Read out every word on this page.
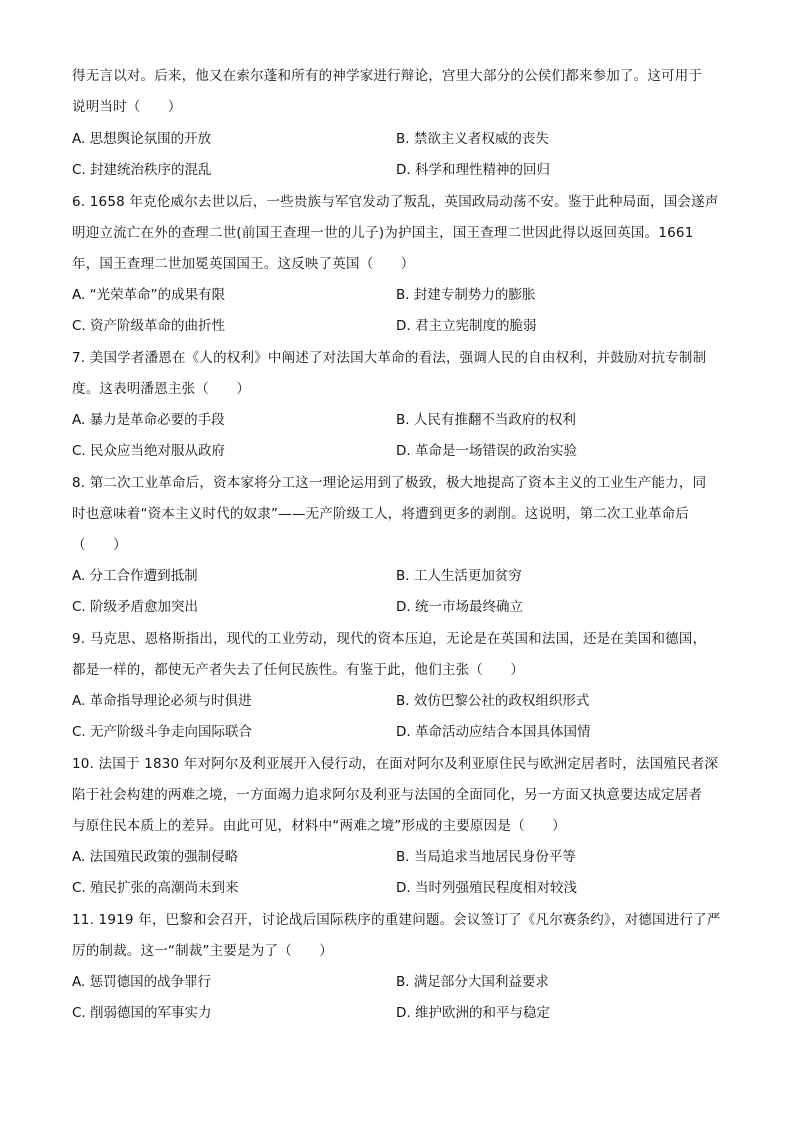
得无言以对。后来，他又在索尔蓬和所有的神学家进行辩论，宫里大部分的公侯们都来参加了。这可用于
说明当时（　　）
A. 思想舆论氛围的开放	B. 禁欲主义者权威的丧失
C. 封建统治秩序的混乱	D. 科学和理性精神的回归
6. 1658 年克伦威尔去世以后，一些贵族与军官发动了叛乱，英国政局动荡不安。鉴于此种局面，国会遂声
明迎立流亡在外的查理二世(前国王查理一世的儿子)为护国主，国王查理二世因此得以返回英国。1661
年，国王查理二世加冕英国国王。这反映了英国（　　）
A. “光荣革命”的成果有限	B. 封建专制势力的膨胀
C. 资产阶级革命的曲折性	D. 君主立宪制度的脆弱
7. 美国学者潘恩在《人的权利》中阐述了对法国大革命的看法，强调人民的自由权利，并鼓励对抗专制制
度。这表明潘恩主张（　　）
A. 暴力是革命必要的手段	B. 人民有推翻不当政府的权利
C. 民众应当绝对服从政府	D. 革命是一场错误的政治实验
8. 第二次工业革命后，资本家将分工这一理论运用到了极致，极大地提高了资本主义的工业生产能力，同
时也意味着“资本主义时代的奴隶”——无产阶级工人，将遭到更多的剥削。这说明，第二次工业革命后
（　　）
A. 分工合作遭到抵制	B. 工人生活更加贫穷
C. 阶级矛盾愈加突出	D. 统一市场最终确立
9. 马克思、恩格斯指出，现代的工业劳动，现代的资本压迫，无论是在英国和法国，还是在美国和德国，
都是一样的，都使无产者失去了任何民族性。有鉴于此，他们主张（　　）
A. 革命指导理论必须与时俱进	B. 效仿巴黎公社的政权组织形式
C. 无产阶级斗争走向国际联合	D. 革命活动应结合本国具体国情
10. 法国于 1830 年对阿尔及利亚展开入侵行动，在面对阿尔及利亚原住民与欧洲定居者时，法国殖民者深
陷于社会构建的两难之境，一方面竭力追求阿尔及利亚与法国的全面同化，另一方面又执意要达成定居者
与原住民本质上的差异。由此可见，材料中“两难之境”形成的主要原因是（　　）
A. 法国殖民政策的强制侵略	B. 当局追求当地居民身份平等
C. 殖民扩张的高潮尚未到来	D. 当时列强殖民程度相对较浅
11. 1919 年，巴黎和会召开，讨论战后国际秩序的重建问题。会议签订了《凡尔赛条约》，对德国进行了严
厉的制裁。这一“制裁”主要是为了（　　）
A. 惩罚德国的战争罪行	B. 满足部分大国利益要求
C. 削弱德国的军事实力	D. 维护欧洲的和平与稳定
